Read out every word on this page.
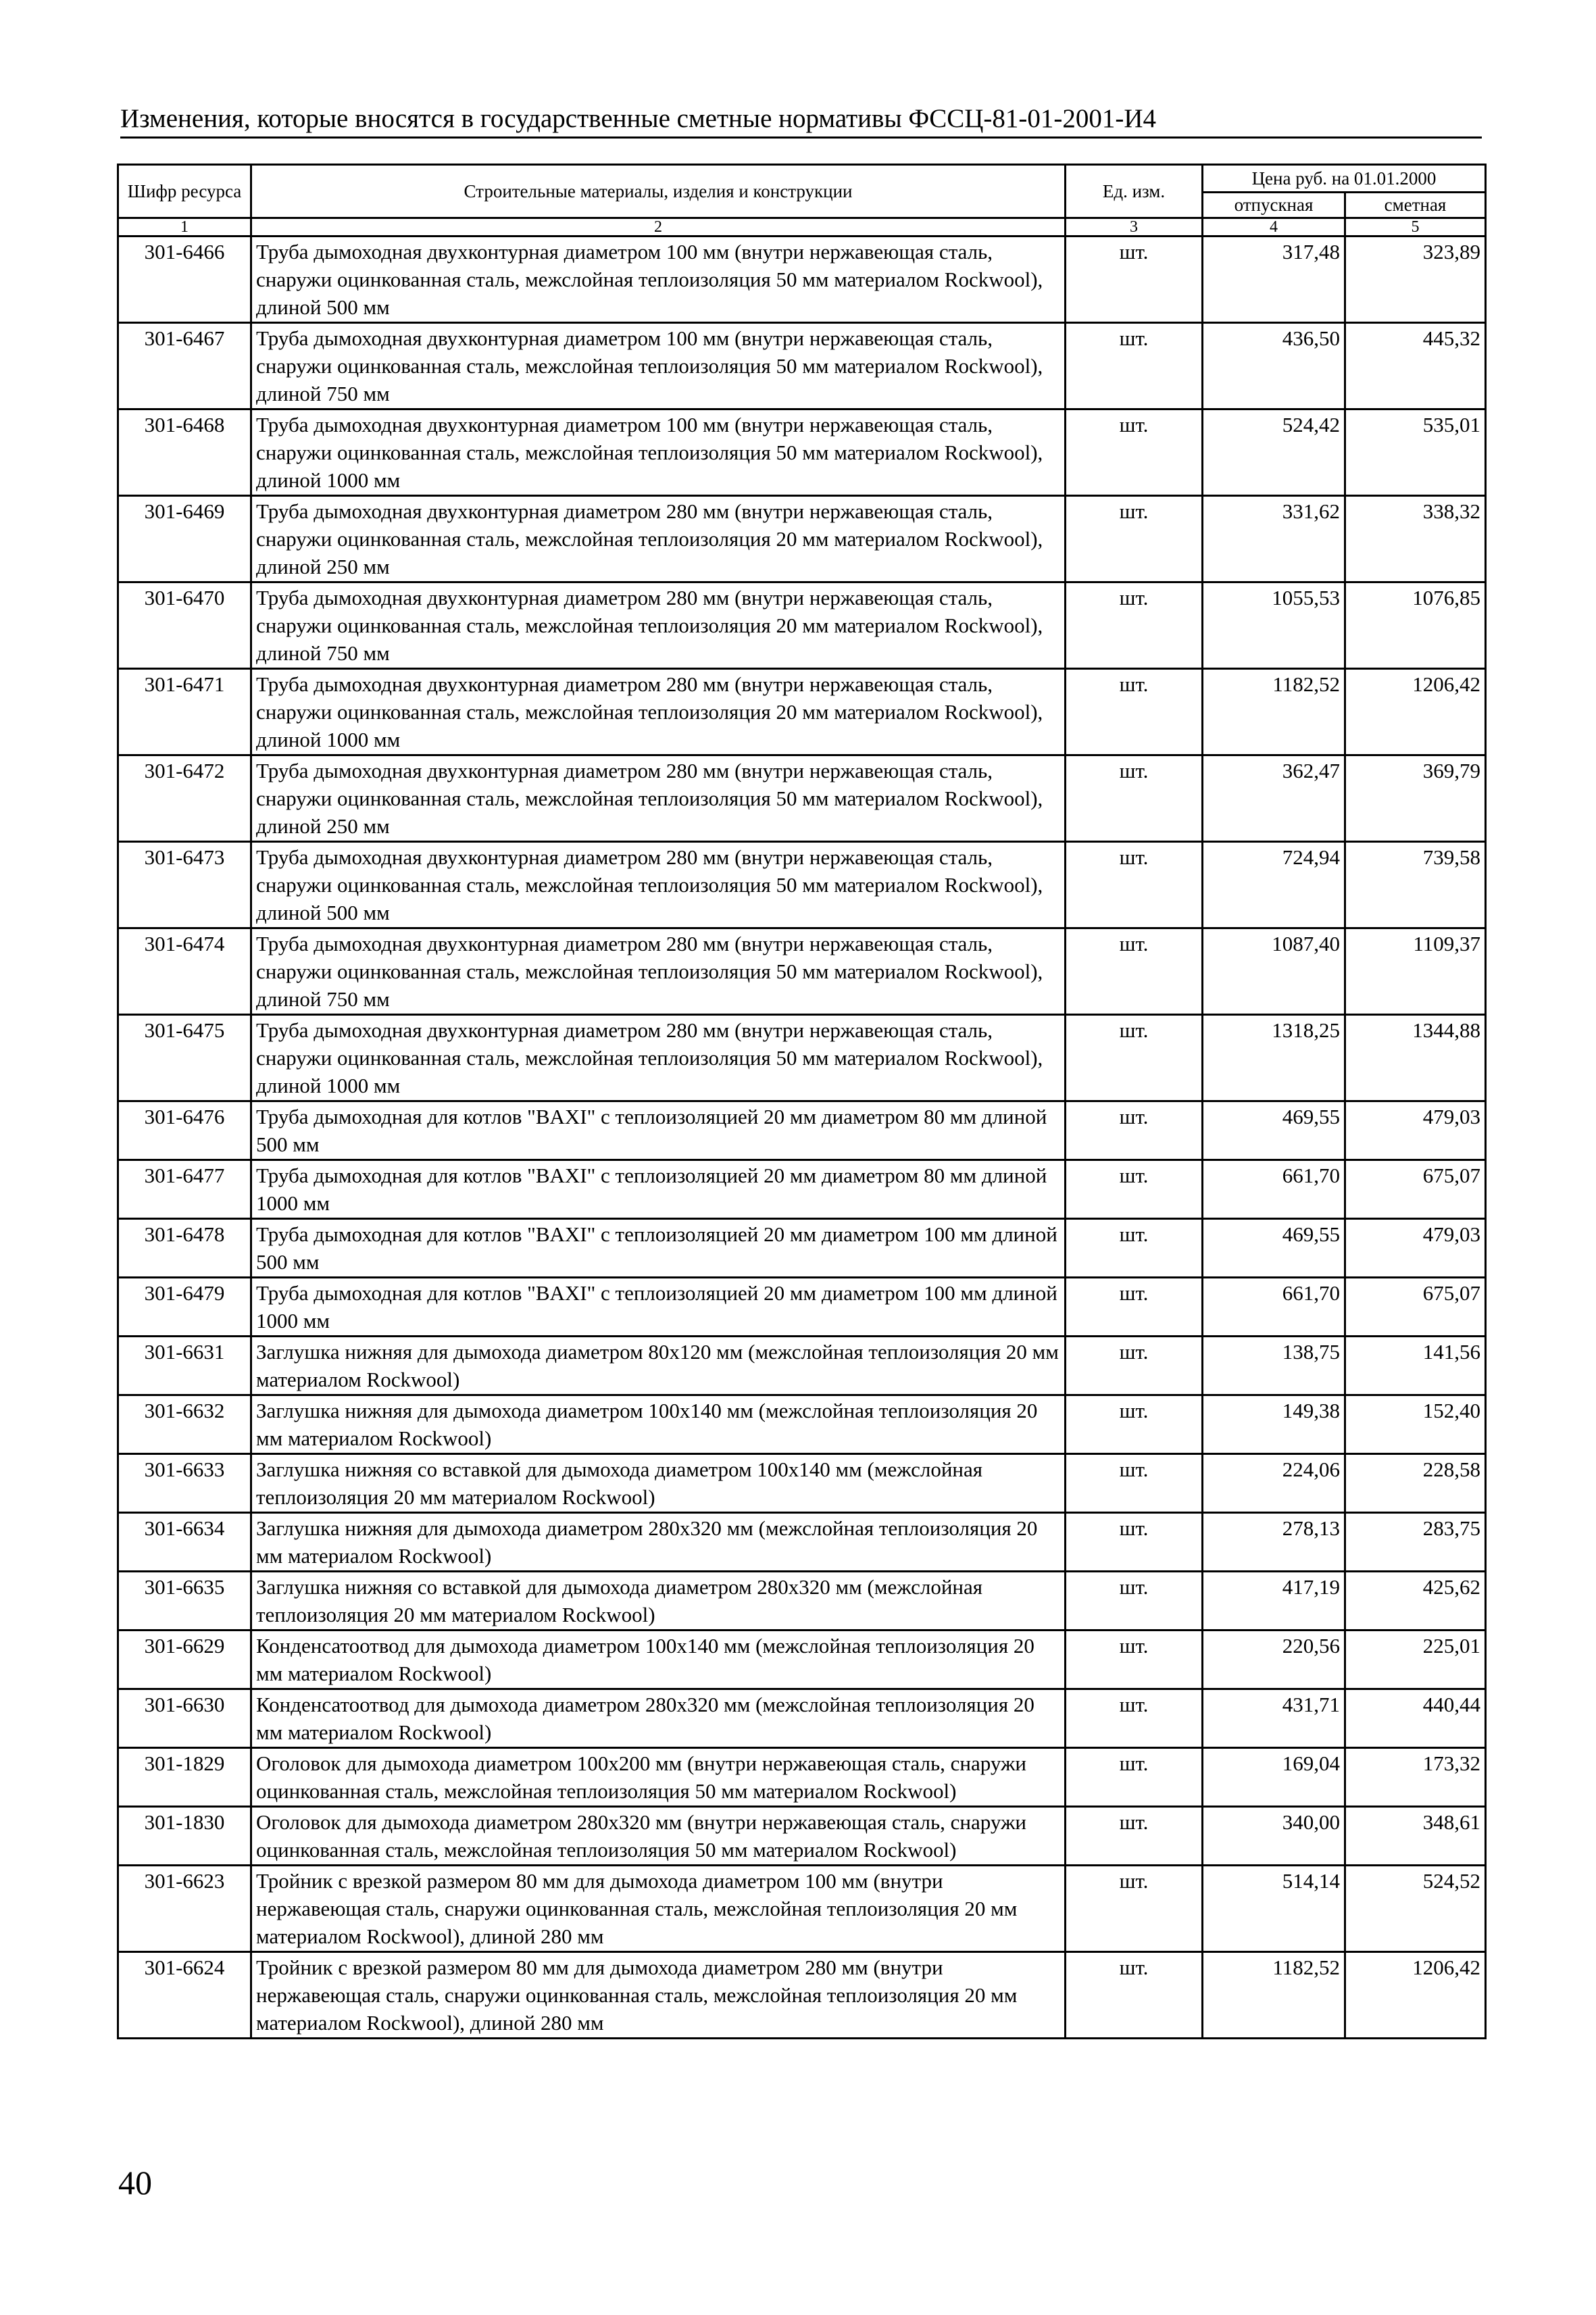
Изменения, которые вносятся в государственные сметные нормативы ФССЦ-81-01-2001-И4
Шифр ресурса	Строительные материалы, изделия и конструкции	Ед. изм.	Цена руб. на 01.01.2000	
			отпускная	сметная
1	2	3	4	5
301-6466	Труба дымоходная двухконтурная диаметром 100 мм (внутри нержавеющая сталь, снаружи оцинкованная сталь, межслойная теплоизоляция 50 мм материалом Rockwool), длиной 500 мм	шт.	317,48	323,89
301-6467	Труба дымоходная двухконтурная диаметром 100 мм (внутри нержавеющая сталь, снаружи оцинкованная сталь, межслойная теплоизоляция 50 мм материалом Rockwool), длиной 750 мм	шт.	436,50	445,32
301-6468	Труба дымоходная двухконтурная диаметром 100 мм (внутри нержавеющая сталь, снаружи оцинкованная сталь, межслойная теплоизоляция 50 мм материалом Rockwool), длиной 1000 мм	шт.	524,42	535,01
301-6469	Труба дымоходная двухконтурная диаметром 280 мм (внутри нержавеющая сталь, снаружи оцинкованная сталь, межслойная теплоизоляция 20 мм материалом Rockwool), длиной 250 мм	шт.	331,62	338,32
301-6470	Труба дымоходная двухконтурная диаметром 280 мм (внутри нержавеющая сталь, снаружи оцинкованная сталь, межслойная теплоизоляция 20 мм материалом Rockwool), длиной 750 мм	шт.	1055,53	1076,85
301-6471	Труба дымоходная двухконтурная диаметром 280 мм (внутри нержавеющая сталь, снаружи оцинкованная сталь, межслойная теплоизоляция 20 мм материалом Rockwool), длиной 1000 мм	шт.	1182,52	1206,42
301-6472	Труба дымоходная двухконтурная диаметром 280 мм (внутри нержавеющая сталь, снаружи оцинкованная сталь, межслойная теплоизоляция 50 мм материалом Rockwool), длиной 250 мм	шт.	362,47	369,79
301-6473	Труба дымоходная двухконтурная диаметром 280 мм (внутри нержавеющая сталь, снаружи оцинкованная сталь, межслойная теплоизоляция 50 мм материалом Rockwool), длиной 500 мм	шт.	724,94	739,58
301-6474	Труба дымоходная двухконтурная диаметром 280 мм (внутри нержавеющая сталь, снаружи оцинкованная сталь, межслойная теплоизоляция 50 мм материалом Rockwool), длиной 750 мм	шт.	1087,40	1109,37
301-6475	Труба дымоходная двухконтурная диаметром 280 мм (внутри нержавеющая сталь, снаружи оцинкованная сталь, межслойная теплоизоляция 50 мм материалом Rockwool), длиной 1000 мм	шт.	1318,25	1344,88
301-6476	Труба дымоходная для котлов "BAXI" с теплоизоляцией 20 мм диаметром 80 мм длиной 500 мм	шт.	469,55	479,03
301-6477	Труба дымоходная для котлов "BAXI" с теплоизоляцией 20 мм диаметром 80 мм длиной 1000 мм	шт.	661,70	675,07
301-6478	Труба дымоходная для котлов "BAXI" с теплоизоляцией 20 мм диаметром 100 мм длиной 500 мм	шт.	469,55	479,03
301-6479	Труба дымоходная для котлов "BAXI" с теплоизоляцией 20 мм диаметром 100 мм длиной 1000 мм	шт.	661,70	675,07
301-6631	Заглушка нижняя для дымохода диаметром 80х120 мм (межслойная теплоизоляция 20 мм материалом Rockwool)	шт.	138,75	141,56
301-6632	Заглушка нижняя для дымохода диаметром 100х140 мм (межслойная теплоизоляция 20 мм материалом Rockwool)	шт.	149,38	152,40
301-6633	Заглушка нижняя со вставкой для дымохода диаметром 100х140 мм (межслойная теплоизоляция 20 мм материалом Rockwool)	шт.	224,06	228,58
301-6634	Заглушка нижняя для дымохода диаметром 280х320 мм (межслойная теплоизоляция 20 мм материалом Rockwool)	шт.	278,13	283,75
301-6635	Заглушка нижняя со вставкой для дымохода диаметром 280х320 мм (межслойная теплоизоляция 20 мм материалом Rockwool)	шт.	417,19	425,62
301-6629	Конденсатоотвод для дымохода диаметром 100х140 мм (межслойная теплоизоляция 20 мм материалом Rockwool)	шт.	220,56	225,01
301-6630	Конденсатоотвод для дымохода диаметром 280х320 мм (межслойная теплоизоляция 20 мм материалом Rockwool)	шт.	431,71	440,44
301-1829	Оголовок для дымохода диаметром 100х200 мм (внутри нержавеющая сталь, снаружи оцинкованная сталь, межслойная теплоизоляция 50 мм материалом Rockwool)	шт.	169,04	173,32
301-1830	Оголовок для дымохода диаметром 280х320 мм (внутри нержавеющая сталь, снаружи оцинкованная сталь, межслойная теплоизоляция 50 мм материалом Rockwool)	шт.	340,00	348,61
301-6623	Тройник с врезкой размером 80 мм для дымохода диаметром 100 мм (внутри нержавеющая сталь, снаружи оцинкованная сталь, межслойная теплоизоляция 20 мм материалом Rockwool), длиной 280 мм	шт.	514,14	524,52
301-6624	Тройник с врезкой размером 80 мм для дымохода диаметром 280 мм (внутри нержавеющая сталь, снаружи оцинкованная сталь, межслойная теплоизоляция 20 мм материалом Rockwool), длиной 280 мм	шт.	1182,52	1206,42
40
